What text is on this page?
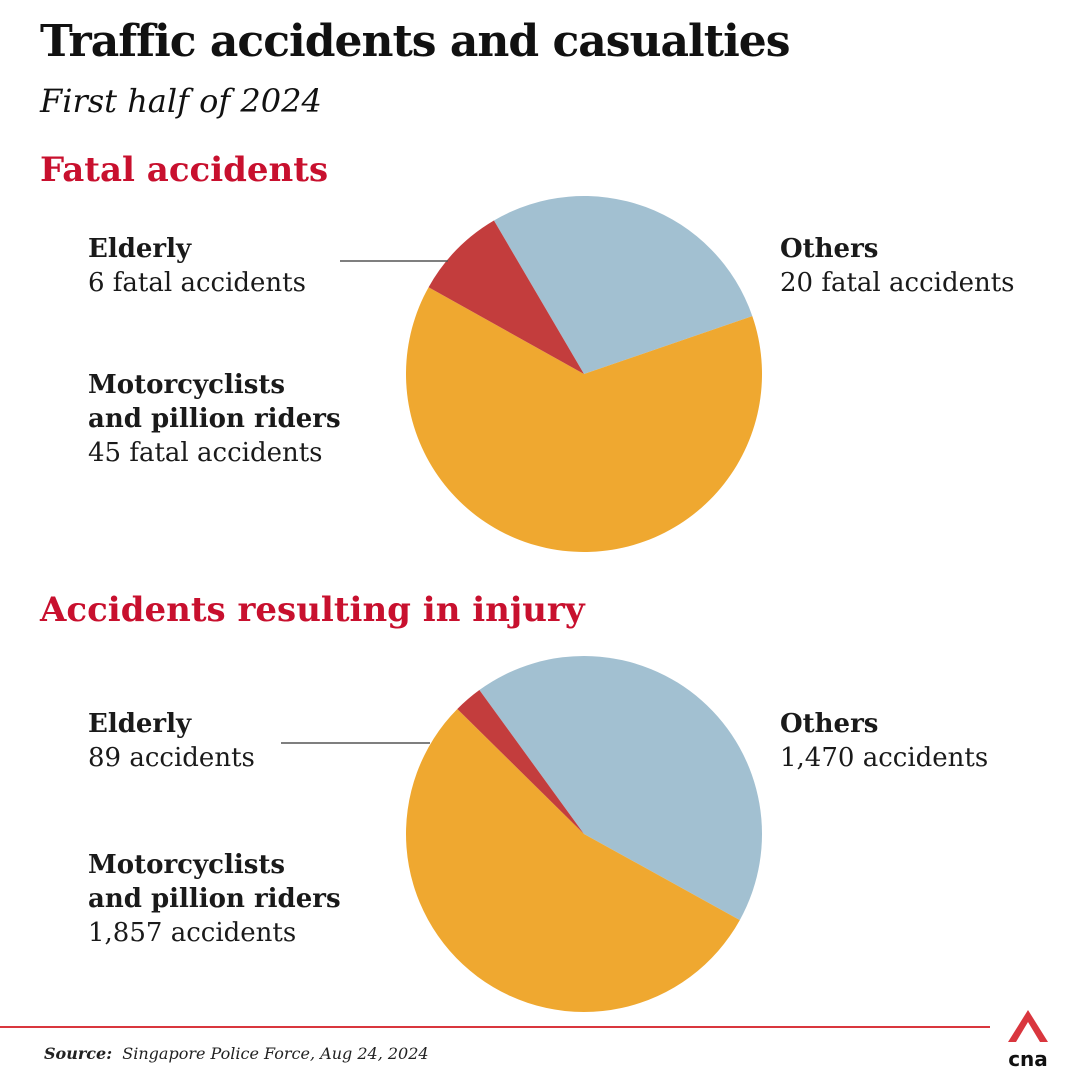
Traffic accidents and casualties
First half of 2024
Fatal accidents
Elderly
6 fatal accidents
Motorcyclists
and pillion riders
45 fatal accidents
Others
20 fatal accidents
Accidents resulting in injury
Elderly
89 accidents
Motorcyclists
and pillion riders
1,857 accidents
Others
1,470 accidents
Source: Singapore Police Force, Aug 24, 2024	cna
